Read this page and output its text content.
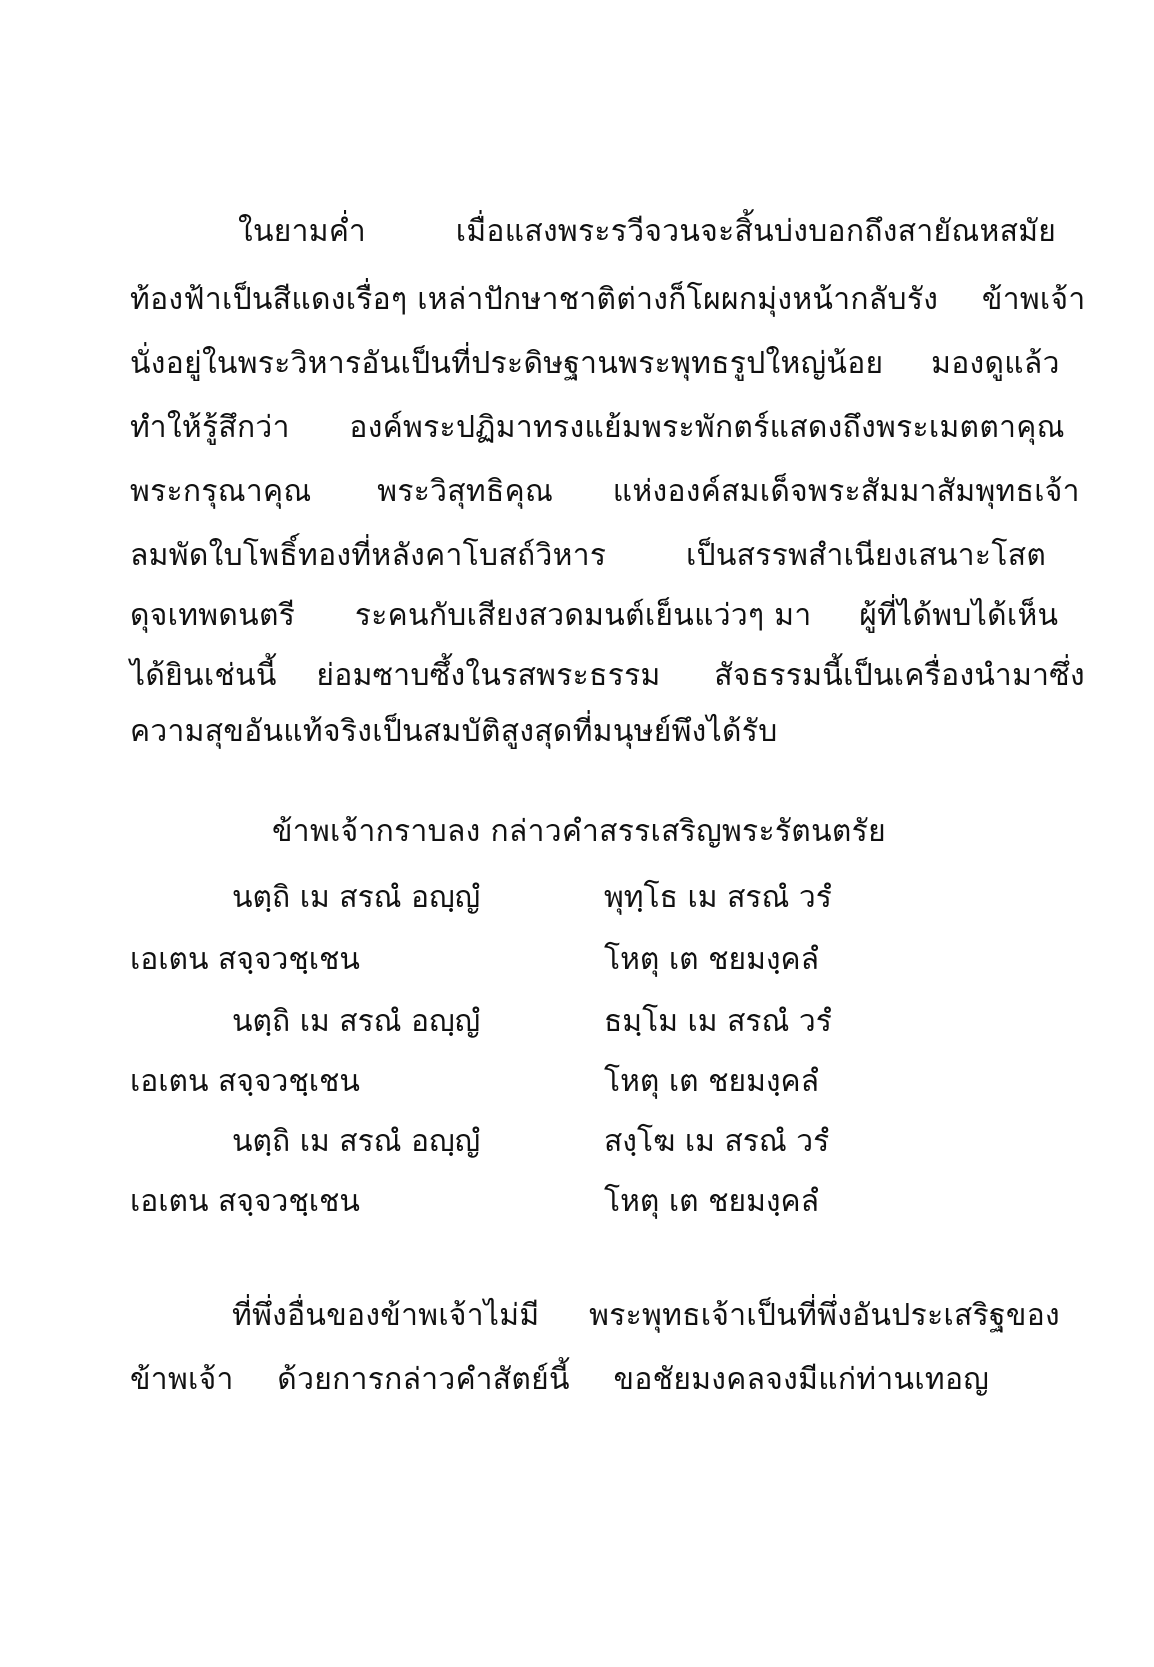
ในยามค่ำ	เมื่อแสงพระรวีจวนจะสิ้นบ่งบอกถึงสายัณหสมัย
ท้องฟ้าเป็นสีแดงเรื่อๆ เหล่าปักษาชาติต่างก็โผผกมุ่งหน้ากลับรัง ข้าพเจ้า
นั่งอยู่ในพระวิหารอันเป็นที่ประดิษฐานพระพุทธรูปใหญ่น้อย มองดูแล้ว
ทำให้รู้สึกว่า องค์พระปฏิมาทรงแย้มพระพักตร์แสดงถึงพระเมตตาคุณ
พระกรุณาคุณ พระวิสุทธิคุณ แห่งองค์สมเด็จพระสัมมาสัมพุทธเจ้า
ลมพัดใบโพธิ์ทองที่หลังคาโบสถ์วิหาร	เป็นสรรพสำเนียงเสนาะโสต
ดุจเทพดนตรี ระคนกับเสียงสวดมนต์เย็นแว่วๆ มา ผู้ที่ได้พบได้เห็น
ได้ยินเช่นนี้ ย่อมซาบซึ้งในรสพระธรรม สัจธรรมนี้เป็นเครื่องนำมาซึ่ง
ความสุขอันแท้จริงเป็นสมบัติสูงสุดที่มนุษย์พึงได้รับ
ข้าพเจ้ากราบลง กล่าวคำสรรเสริญพระรัตนตรัย
นตฺถิ เม สรณํ อญฺญํ	พุทฺโธ เม สรณํ วรํ
เอเตน สจฺจวชฺเชน	โหตุ เต ชยมงฺคลํ
นตฺถิ เม สรณํ อญฺญํ	ธมฺโม เม สรณํ วรํ
เอเตน สจฺจวชฺเชน	โหตุ เต ชยมงฺคลํ
นตฺถิ เม สรณํ อญฺญํ	สงฺโฆ เม สรณํ วรํ
เอเตน สจฺจวชฺเชน	โหตุ เต ชยมงฺคลํ
ที่พึ่งอื่นของข้าพเจ้าไม่มี พระพุทธเจ้าเป็นที่พึ่งอันประเสริฐของ
ข้าพเจ้า ด้วยการกล่าวคำสัตย์นี้ ขอชัยมงคลจงมีแก่ท่านเทอญ
